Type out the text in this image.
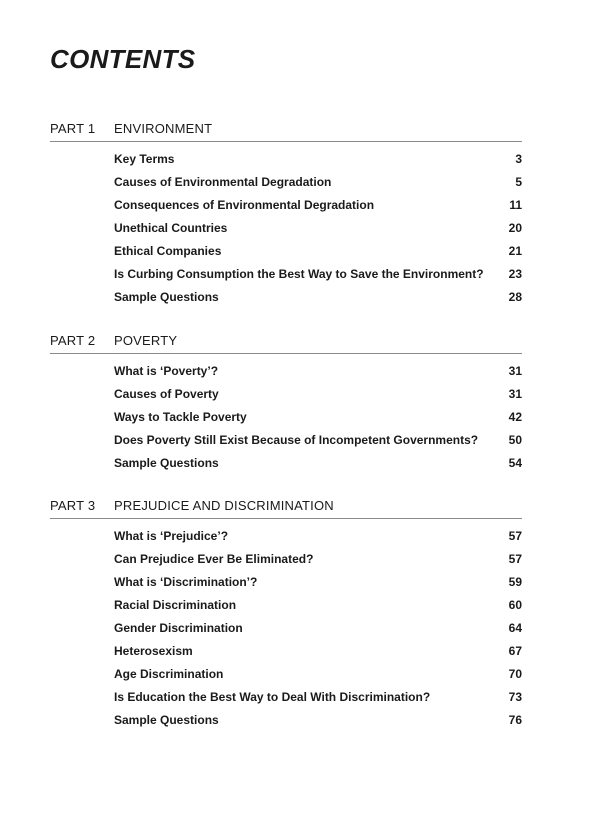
CONTENTS
PART 1	ENVIRONMENT
Key Terms	3
Causes of Environmental Degradation	5
Consequences of Environmental Degradation	11
Unethical Countries	20
Ethical Companies	21
Is Curbing Consumption the Best Way to Save the Environment?	23
Sample Questions	28
PART 2	POVERTY
What is ‘Poverty’?	31
Causes of Poverty	31
Ways to Tackle Poverty	42
Does Poverty Still Exist Because of Incompetent Governments?	50
Sample Questions	54
PART 3	PREJUDICE AND DISCRIMINATION
What is ‘Prejudice’?	57
Can Prejudice Ever Be Eliminated?	57
What is ‘Discrimination’?	59
Racial Discrimination	60
Gender Discrimination	64
Heterosexism	67
Age Discrimination	70
Is Education the Best Way to Deal With Discrimination?	73
Sample Questions	76
